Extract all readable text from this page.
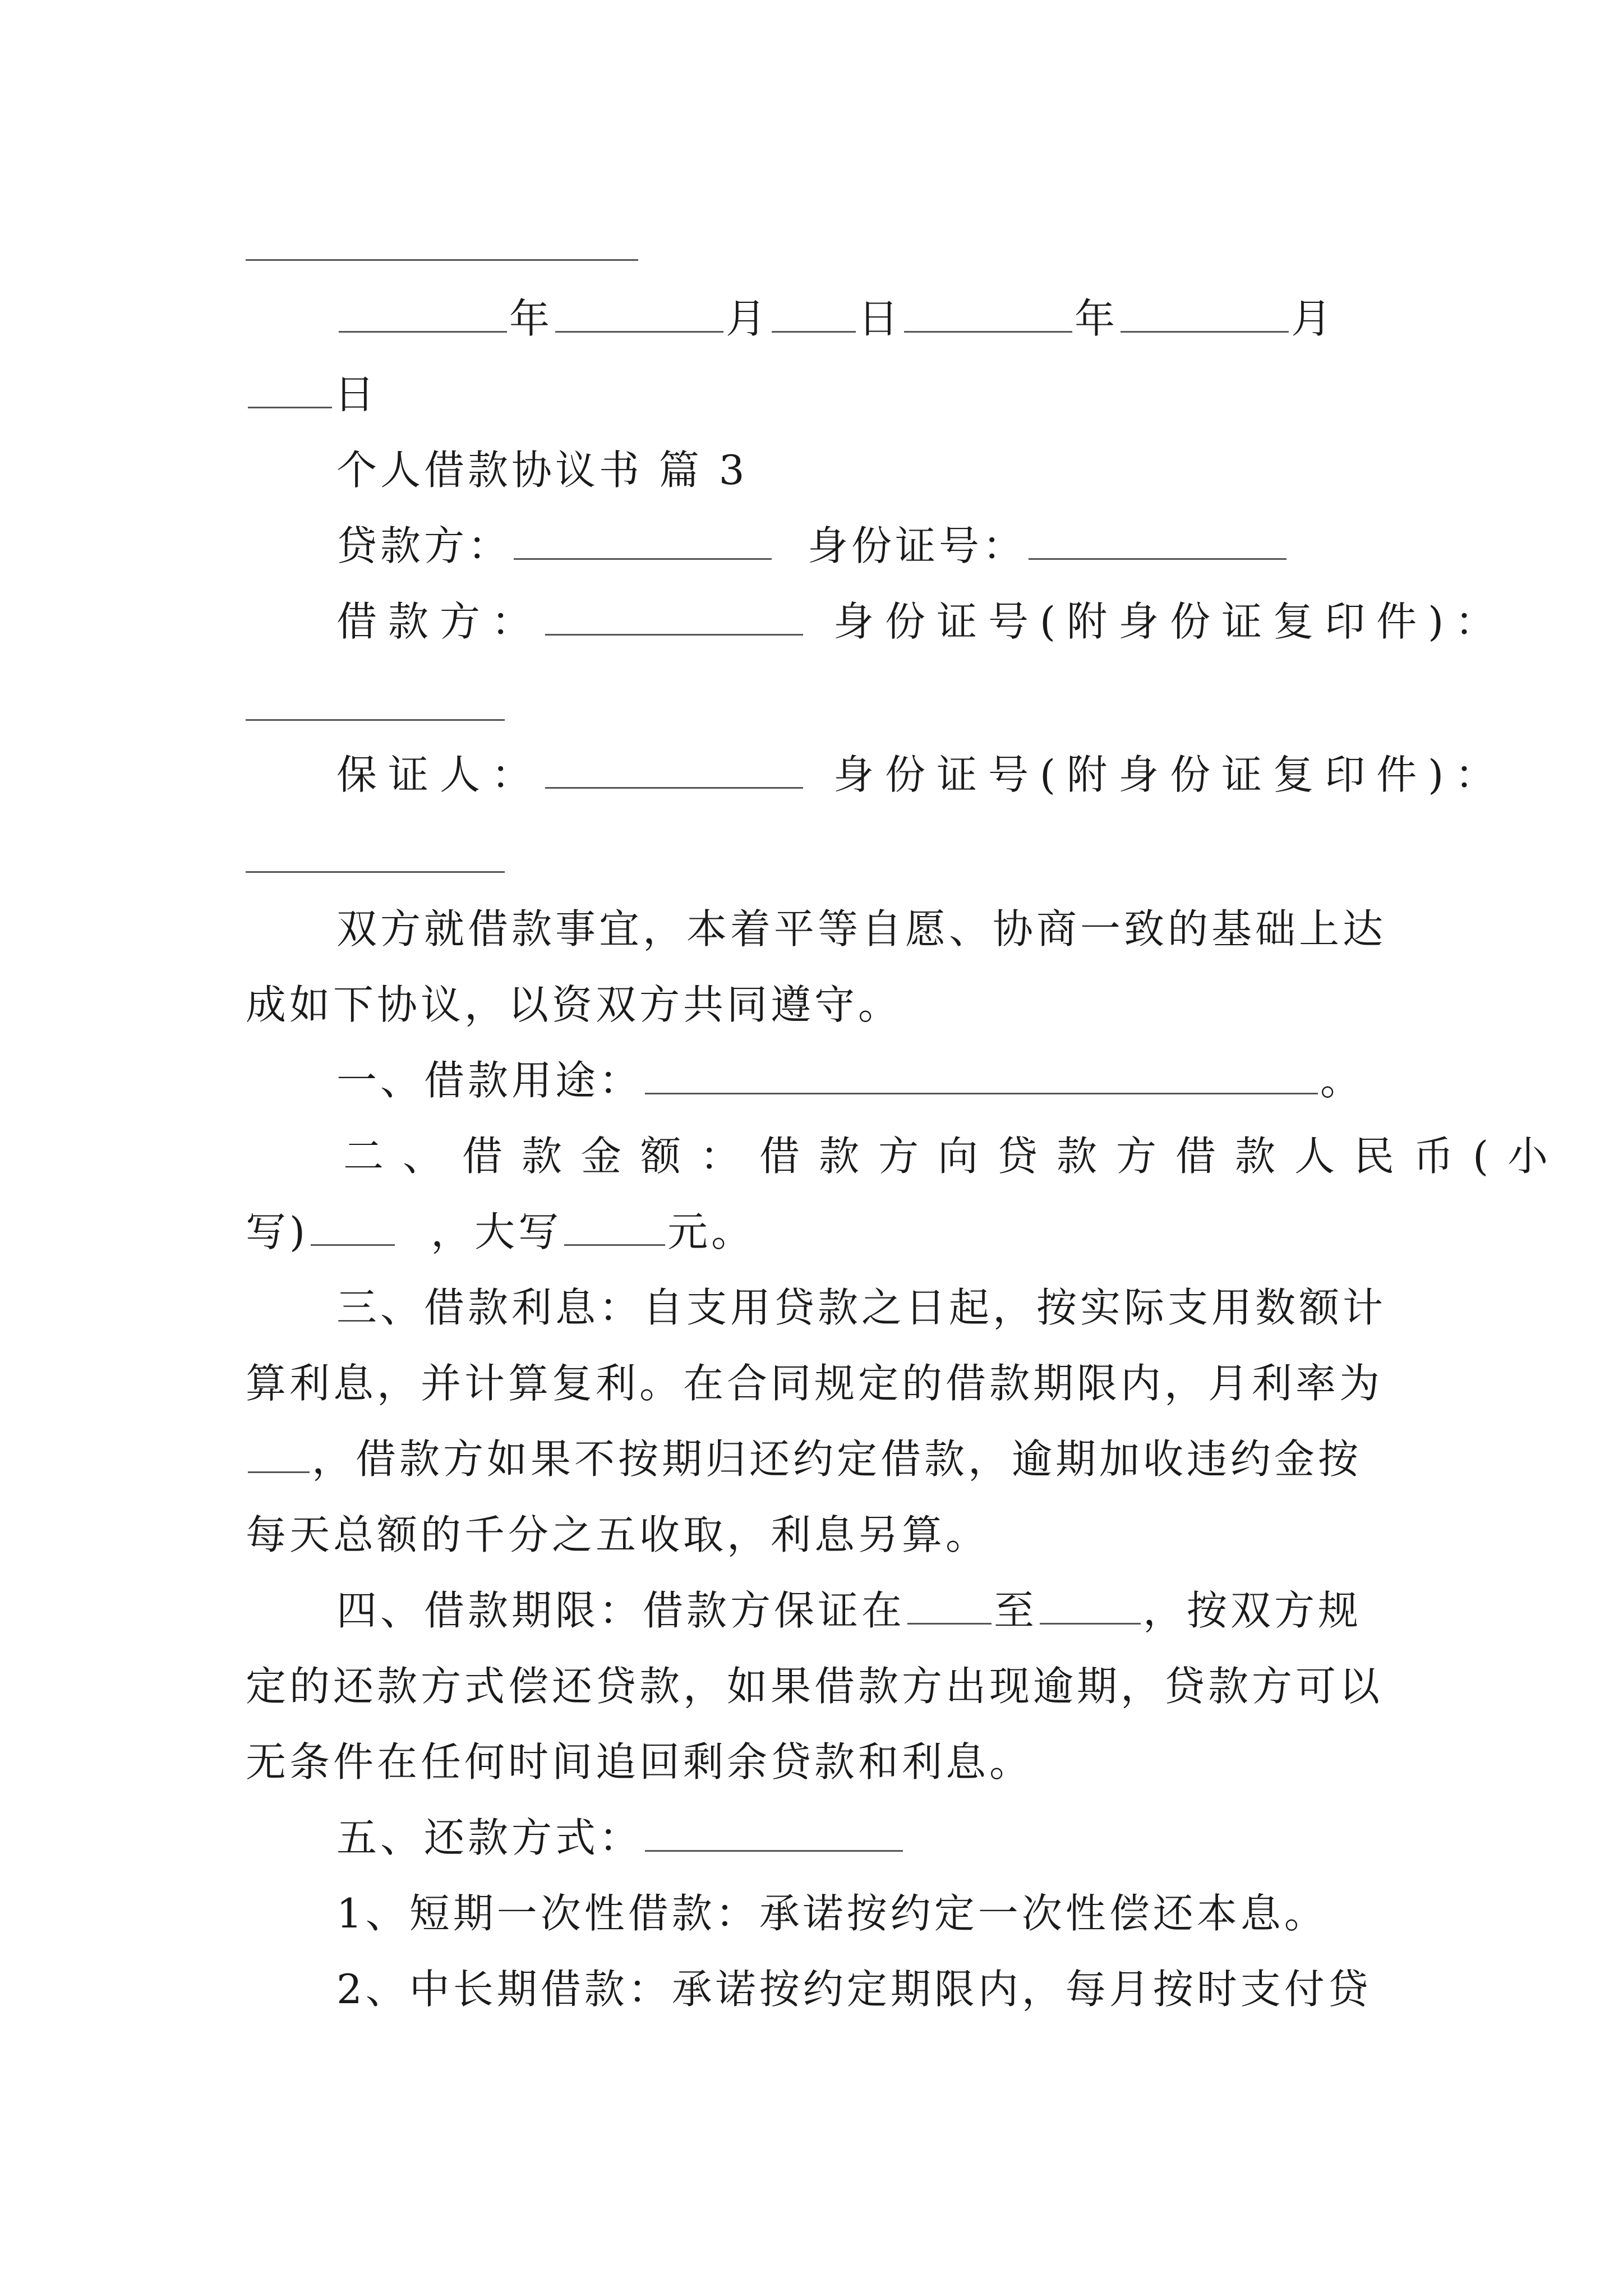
年	月 日	年	月
日
个人借款协议书 篇 3
贷款方：	身份证号：
借款方：	身份证号(附身份证复印件)：
保证人：	身份证号(附身份证复印件)：
双方就借款事宜，本着平等自愿、协商一致的基础上达
成如下协议，以资双方共同遵守。
一、借款用途：	。
二、借款金额：借款方向贷款方借款人民币(小
写)	，大写	元。
三、借款利息：自支用贷款之日起，按实际支用数额计
算利息，并计算复利。在合同规定的借款期限内，月利率为
，借款方如果不按期归还约定借款，逾期加收违约金按
每天总额的千分之五收取，利息另算。
四、借款期限：借款方保证在 至	，按双方规
定的还款方式偿还贷款，如果借款方出现逾期，贷款方可以
无条件在任何时间追回剩余贷款和利息。
五、还款方式：
1、短期一次性借款：承诺按约定一次性偿还本息。
2、中长期借款：承诺按约定期限内，每月按时支付贷
